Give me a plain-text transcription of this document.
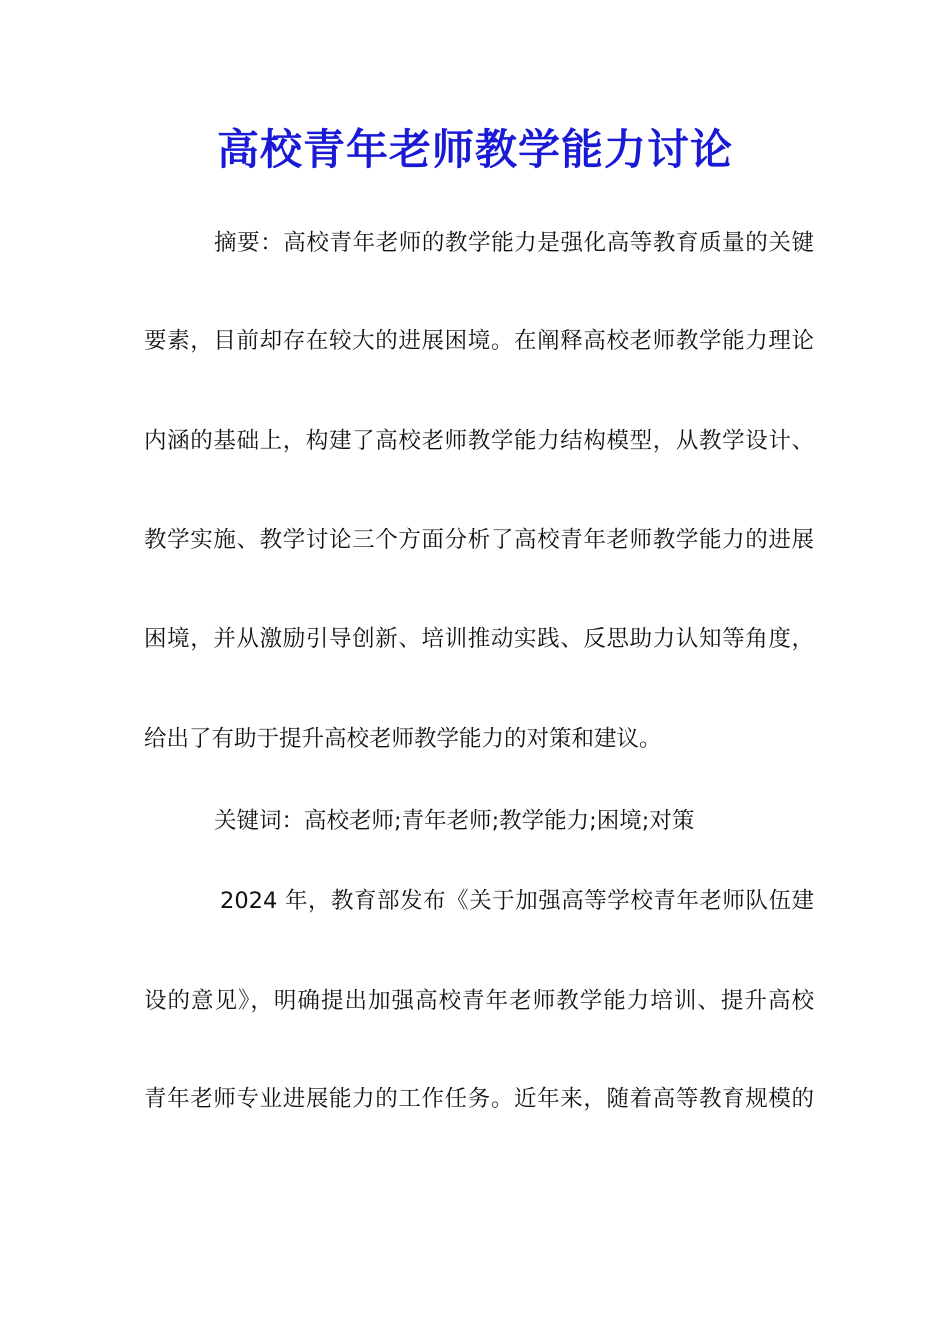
高校青年老师教学能力讨论
摘要：高校青年老师的教学能力是强化高等教育质量的关键
要素，目前却存在较大的进展困境。在阐释高校老师教学能力理论
内涵的基础上，构建了高校老师教学能力结构模型，从教学设计、
教学实施、教学讨论三个方面分析了高校青年老师教学能力的进展
困境，并从激励引导创新、培训推动实践、反思助力认知等角度，
给出了有助于提升高校老师教学能力的对策和建议。
关键词：高校老师;青年老师;教学能力;困境;对策
2024 年，教育部发布《关于加强高等学校青年老师队伍建
设的意见》，明确提出加强高校青年老师教学能力培训、提升高校
青年老师专业进展能力的工作任务。近年来，随着高等教育规模的
